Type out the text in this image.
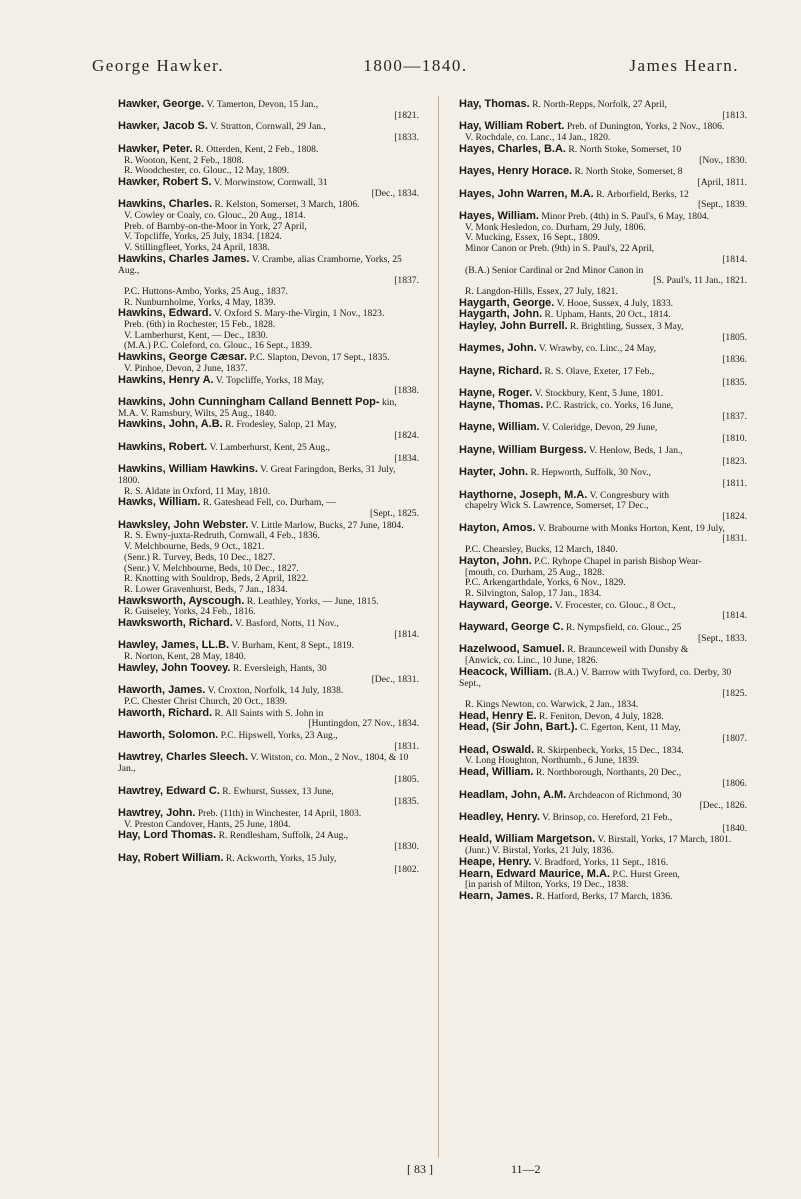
George Hawker.	1800—1840.	James Hearn.
Hawker, George. V. Tamerton, Devon, 15 Jan.,
[1821.
Hawker, Jacob S. V. Stratton, Cornwall, 29 Jan.,
[1833.
Hawker, Peter. R. Otterden, Kent, 2 Feb., 1808.
R. Wooton, Kent, 2 Feb., 1808.
R. Woodchester, co. Glouc., 12 May, 1809.
Hawker, Robert S. V. Morwinstow, Cornwall, 31
[Dec., 1834.
Hawkins, Charles. R. Kelston, Somerset, 3 March, 1806.
V. Cowley or Coaly, co. Glouc., 20 Aug., 1814.
Preb. of Barnby-on-the-Moor in York, 27 April,
V. Topcliffe, Yorks, 25 July, 1834. [1824.
V. Stillingfleet, Yorks, 24 April, 1838.
Hawkins, Charles James. V. Crambe, alias Cramborne, Yorks, 25 Aug.,
[1837.
P.C. Huttons-Ambo, Yorks, 25 Aug., 1837.
R. Nunburnholme, Yorks, 4 May, 1839.
Hawkins, Edward. V. Oxford S. Mary-the-Virgin, 1 Nov., 1823.
Preb. (6th) in Rochester, 15 Feb., 1828.
V. Lamberhurst, Kent, — Dec., 1830.
(M.A.) P.C. Coleford, co. Glouc., 16 Sept., 1839.
Hawkins, George Cæsar. P.C. Slapton, Devon, 17 Sept., 1835.
V. Pinhoe, Devon, 2 June, 1837.
Hawkins, Henry A. V. Topcliffe, Yorks, 18 May,
[1838.
Hawkins, John Cunningham Calland Bennett Pop- kin, M.A. V. Ramsbury, Wilts, 25 Aug., 1840.
Hawkins, John, A.B. R. Frodesley, Salop, 21 May,
[1824.
Hawkins, Robert. V. Lamberhurst, Kent, 25 Aug.,
[1834.
Hawkins, William Hawkins. V. Great Faringdon, Berks, 31 July, 1800.
R. S. Aldate in Oxford, 11 May, 1810.
Hawks, William. R. Gateshead Fell, co. Durham, —
[Sept., 1825.
Hawksley, John Webster. V. Little Marlow, Bucks, 27 June, 1804.
R. S. Ewny-juxta-Redruth, Cornwall, 4 Feb., 1836.
V. Melchbourne, Beds, 9 Oct., 1821.
(Senr.) R. Turvey, Beds, 10 Dec., 1827.
(Senr.) V. Melchbourne, Beds, 10 Dec., 1827.
R. Knotting with Souldrop, Beds, 2 April, 1822.
R. Lower Gravenhurst, Beds, 7 Jan., 1834.
Hawksworth, Ayscough. R. Leathley, Yorks, — June, 1815.
R. Guiseley, Yorks, 24 Feb., 1816.
Hawksworth, Richard. V. Basford, Notts, 11 Nov.,
[1814.
Hawley, James, LL.B. V. Burham, Kent, 8 Sept., 1819.
R. Norton, Kent, 28 May, 1840.
Hawley, John Toovey. R. Eversleigh, Hants, 30
[Dec., 1831.
Haworth, James. V. Croxton, Norfolk, 14 July, 1838.
P.C. Chester Christ Church, 20 Oct., 1839.
Haworth, Richard. R. All Saints with S. John in
[Huntingdon, 27 Nov., 1834.
Haworth, Solomon. P.C. Hipswell, Yorks, 23 Aug.,
[1831.
Hawtrey, Charles Sleech. V. Witston, co. Mon., 2 Nov., 1804, & 10 Jan.,
[1805.
Hawtrey, Edward C. R. Ewhurst, Sussex, 13 June,
[1835.
Hawtrey, John. Preb. (11th) in Winchester, 14 April, 1803.
V. Preston Candover, Hants, 25 June, 1804.
Hay, Lord Thomas. R. Rendlesham, Suffolk, 24 Aug.,
[1830.
Hay, Robert William. R. Ackworth, Yorks, 15 July,
[1802.
Hay, Thomas. R. North-Repps, Norfolk, 27 April,
[1813.
Hay, William Robert. Preb. of Dunington, Yorks, 2 Nov., 1806.
V. Rochdale, co. Lanc., 14 Jan., 1820.
Hayes, Charles, B.A. R. North Stoke, Somerset, 10
[Nov., 1830.
Hayes, Henry Horace. R. North Stoke, Somerset, 8
[April, 1811.
Hayes, John Warren, M.A. R. Arborfield, Berks, 12
[Sept., 1839.
Hayes, William. Minor Preb. (4th) in S. Paul's, 6 May, 1804.
V. Monk Hesledon, co. Durham, 29 July, 1806.
V. Mucking, Essex, 16 Sept., 1809.
Minor Canon or Preb. (9th) in S. Paul's, 22 April,
[1814.
(B.A.) Senior Cardinal or 2nd Minor Canon in
[S. Paul's, 11 Jan., 1821.
R. Langdon-Hills, Essex, 27 July, 1821.
Haygarth, George. V. Hooe, Sussex, 4 July, 1833.
Haygarth, John. R. Upham, Hants, 20 Oct., 1814.
Hayley, John Burrell. R. Brightling, Sussex, 3 May,
[1805.
Haymes, John. V. Wrawby, co. Linc., 24 May,
[1836.
Hayne, Richard. R. S. Olave, Exeter, 17 Feb.,
[1835.
Hayne, Roger. V. Stockbury, Kent, 5 June, 1801.
Hayne, Thomas. P.C. Rastrick, co. Yorks, 16 June,
[1837.
Hayne, William. V. Coleridge, Devon, 29 June,
[1810.
Hayne, William Burgess. V. Henlow, Beds, 1 Jan.,
[1823.
Hayter, John. R. Hepworth, Suffolk, 30 Nov.,
[1811.
Haythorne, Joseph, M.A. V. Congresbury with
chapelry Wick S. Lawrence, Somerset, 17 Dec.,
[1824.
Hayton, Amos. V. Brabourne with Monks Horton, Kent, 19 July,
[1831.
P.C. Chearsley, Bucks, 12 March, 1840.
Hayton, John. P.C. Ryhope Chapel in parish Bishop Wear-
[mouth, co. Durham, 25 Aug., 1828.
P.C. Arkengarthdale, Yorks, 6 Nov., 1829.
R. Silvington, Salop, 17 Jan., 1834.
Hayward, George. V. Frocester, co. Glouc., 8 Oct.,
[1814.
Hayward, George C. R. Nympsfield, co. Glouc., 25
[Sept., 1833.
Hazelwood, Samuel. R. Braunceweil with Dunsby &
[Anwick, co. Linc., 10 June, 1826.
Heacock, William. (B.A.) V. Barrow with Twyford, co. Derby, 30 Sept.,
[1825.
R. Kings Newton, co. Warwick, 2 Jan., 1834.
Head, Henry E. R. Feniton, Devon, 4 July, 1828.
Head, (Sir John, Bart.). C. Egerton, Kent, 11 May,
[1807.
Head, Oswald. R. Skirpenbeck, Yorks, 15 Dec., 1834.
V. Long Houghton, Northumb., 6 June, 1839.
Head, William. R. Northborough, Northants, 20 Dec.,
[1806.
Headlam, John, A.M. Archdeacon of Richmond, 30
[Dec., 1826.
Headley, Henry. V. Brinsop, co. Hereford, 21 Feb.,
[1840.
Heald, William Margetson. V. Birstall, Yorks, 17 March, 1801.
(Junr.) V. Birstal, Yorks, 21 July, 1836.
Heape, Henry. V. Bradford, Yorks, 11 Sept., 1816.
Hearn, Edward Maurice, M.A. P.C. Hurst Green,
[in parish of Milton, Yorks, 19 Dec., 1838.
Hearn, James. R. Hatford, Berks, 17 March, 1836.
[ 83 ]	11—2
